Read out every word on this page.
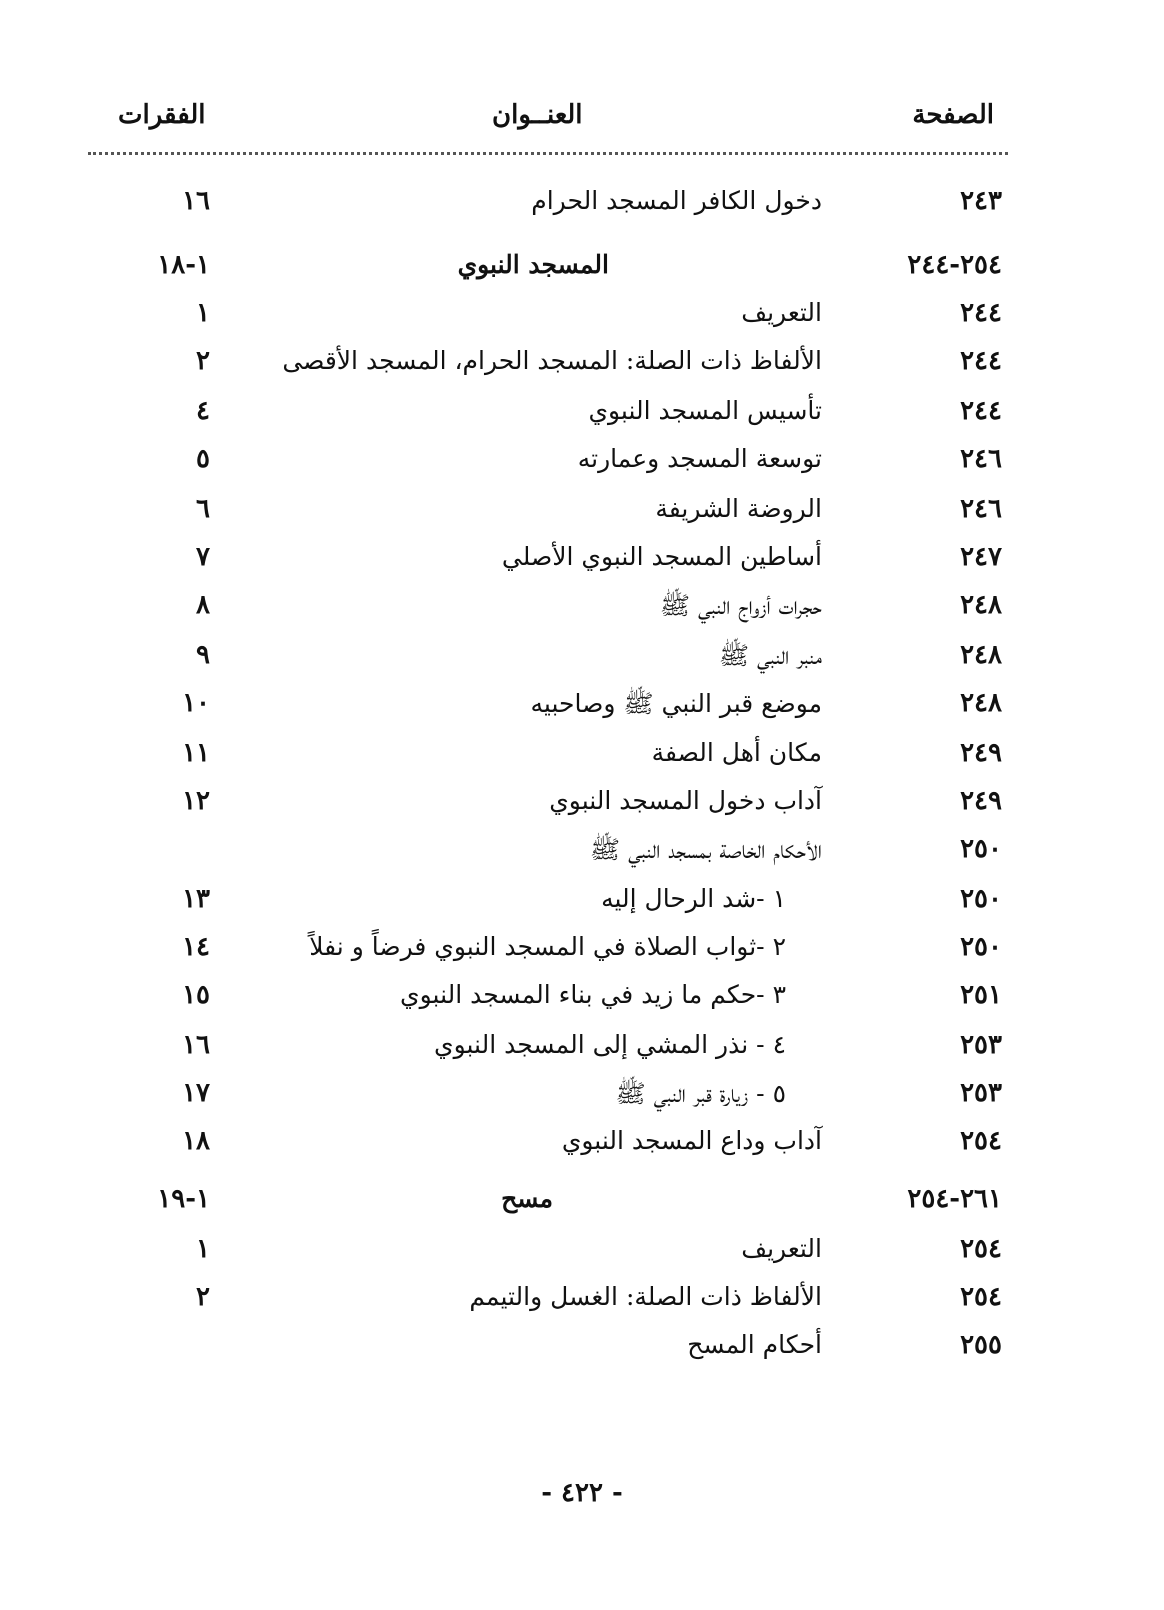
الصفحة
العنــوان
الفقرات
٢٤٣
دخول الكافر المسجد الحرام
١٦
٢٥٤-٢٤٤
المسجد النبوي
١-١٨
٢٤٤
التعريف
١
٢٤٤
الألفاظ ذات الصلة: المسجد الحرام، المسجد الأقصى
٢
٢٤٤
تأسيس المسجد النبوي
٤
٢٤٦
توسعة المسجد وعمارته
٥
٢٤٦
الروضة الشريفة
٦
٢٤٧
أساطين المسجد النبوي الأصلي
٧
٢٤٨
حجرات أزواج النبي ﷺ
٨
٢٤٨
منبر النبي ﷺ
٩
٢٤٨
موضع قبر النبي ﷺ وصاحبيه
١٠
٢٤٩
مكان أهل الصفة
١١
٢٤٩
آداب دخول المسجد النبوي
١٢
٢٥٠
الأحكام الخاصة بمسجد النبي ﷺ
٢٥٠
١ -شد الرحال إليه
١٣
٢٥٠
٢ -ثواب الصلاة في المسجد النبوي فرضاً و نفلاً
١٤
٢٥١
٣ -حكم ما زيد في بناء المسجد النبوي
١٥
٢٥٣
٤ - نذر المشي إلى المسجد النبوي
١٦
٢٥٣
٥ - زيارة قبر النبي ﷺ
١٧
٢٥٤
آداب وداع المسجد النبوي
١٨
٢٦١-٢٥٤
مسح
١-١٩
٢٥٤
التعريف
١
٢٥٤
الألفاظ ذات الصلة: الغسل والتيمم
٢
٢٥٥
أحكام المسح
- ٤٢٢ -
